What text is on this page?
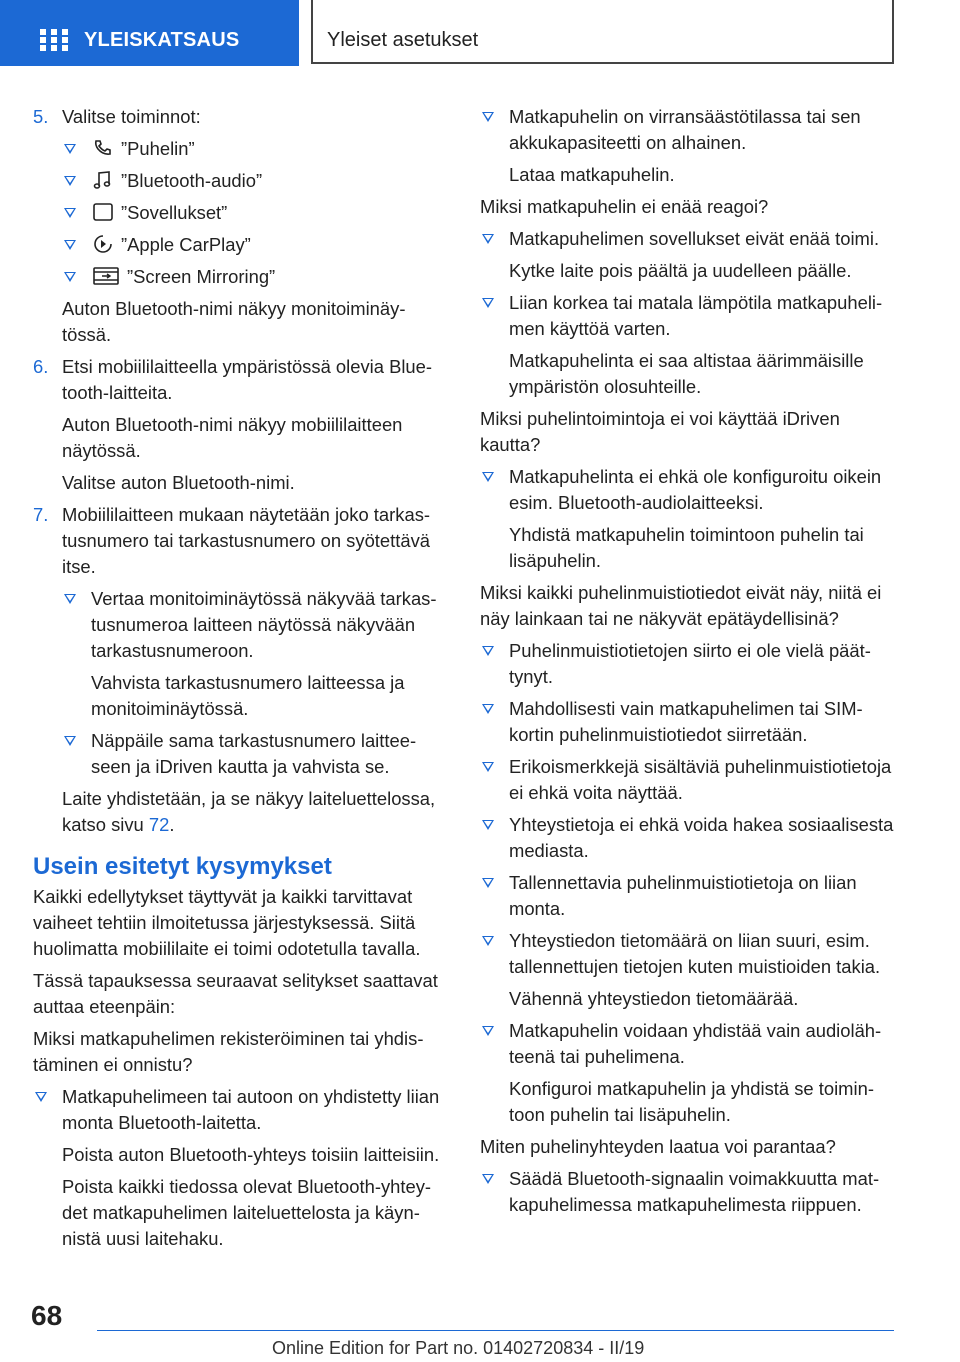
YLEISKATSAUS	Yleiset asetukset
5. Valitse toiminnot:
”Puhelin”
”Bluetooth-audio”
”Sovellukset”
”Apple CarPlay”
”Screen Mirroring”
Auton Bluetooth-nimi näkyy monitoiminäytössä.
6. Etsi mobiililaitteella ympäristössä olevia Bluetooth-laitteita.
Auton Bluetooth-nimi näkyy mobiililaitteen näytössä.
Valitse auton Bluetooth-nimi.
7. Mobiililaitteen mukaan näytetään joko tarkastusnumero tai tarkastusnumero on syötettävä itse.
Vertaa monitoiminäytössä näkyvää tarkastusnumeroa laitteen näytössä näkyvään tarkastusnumeroon.
Vahvista tarkastusnumero laitteessa ja monitoiminäytössä.
Näppäile sama tarkastusnumero laitteeseen ja iDriven kautta ja vahvista se.
Laite yhdistetään, ja se näkyy laiteluettelossa, katso sivu 72.
Usein esitetyt kysymykset
Kaikki edellytykset täyttyvät ja kaikki tarvittavat vaiheet tehtiin ilmoitetussa järjestyksessä. Siitä huolimatta mobiililaite ei toimi odotetulla tavalla.
Tässä tapauksessa seuraavat selitykset saattavat auttaa eteenpäin:
Miksi matkapuhelimen rekisteröiminen tai yhdistäminen ei onnistu?
Matkapuhelimeen tai autoon on yhdistetty liian monta Bluetooth-laitetta.
Poista auton Bluetooth-yhteys toisiin laitteisiin.
Poista kaikki tiedossa olevat Bluetooth-yhteydet matkapuhelimen laiteluettelosta ja käynnistä uusi laitehaku.
Matkapuhelin on virransäästötilassa tai sen akkukapasiteetti on alhainen.
Lataa matkapuhelin.
Miksi matkapuhelin ei enää reagoi?
Matkapuhelimen sovellukset eivät enää toimi.
Kytke laite pois päältä ja uudelleen päälle.
Liian korkea tai matala lämpötila matkapuhelimen käyttöä varten.
Matkapuhelinta ei saa altistaa äärimmäisille ympäristön olosuhteille.
Miksi puhelintoimintoja ei voi käyttää iDriven kautta?
Matkapuhelinta ei ehkä ole konfiguroitu oikein esim. Bluetooth-audiolaitteeksi.
Yhdistä matkapuhelin toimintoon puhelin tai lisäpuhelin.
Miksi kaikki puhelinmuistiotiedot eivät näy, niitä ei näy lainkaan tai ne näkyvät epätäydellisinä?
Puhelinmuistiotietojen siirto ei ole vielä päättynyt.
Mahdollisesti vain matkapuhelimen tai SIM-kortin puhelinmuistiotiedot siirretään.
Erikoismerkkejä sisältäviä puhelinmuistiotietoja ei ehkä voita näyttää.
Yhteystietoja ei ehkä voida hakea sosiaalisesta mediasta.
Tallennettavia puhelinmuistiotietoja on liian monta.
Yhteystiedon tietomäärä on liian suuri, esim. tallennettujen tietojen kuten muistioiden takia.
Vähennä yhteystiedon tietomäärää.
Matkapuhelin voidaan yhdistää vain audiolähteenä tai puhelimena.
Konfiguroi matkapuhelin ja yhdistä se toimintoon puhelin tai lisäpuhelin.
Miten puhelinyhteyden laatua voi parantaa?
Säädä Bluetooth-signaalin voimakkuutta matkapuhelimessa matkapuhelimesta riippuen.
68
Online Edition for Part no. 01402720834 - II/19
